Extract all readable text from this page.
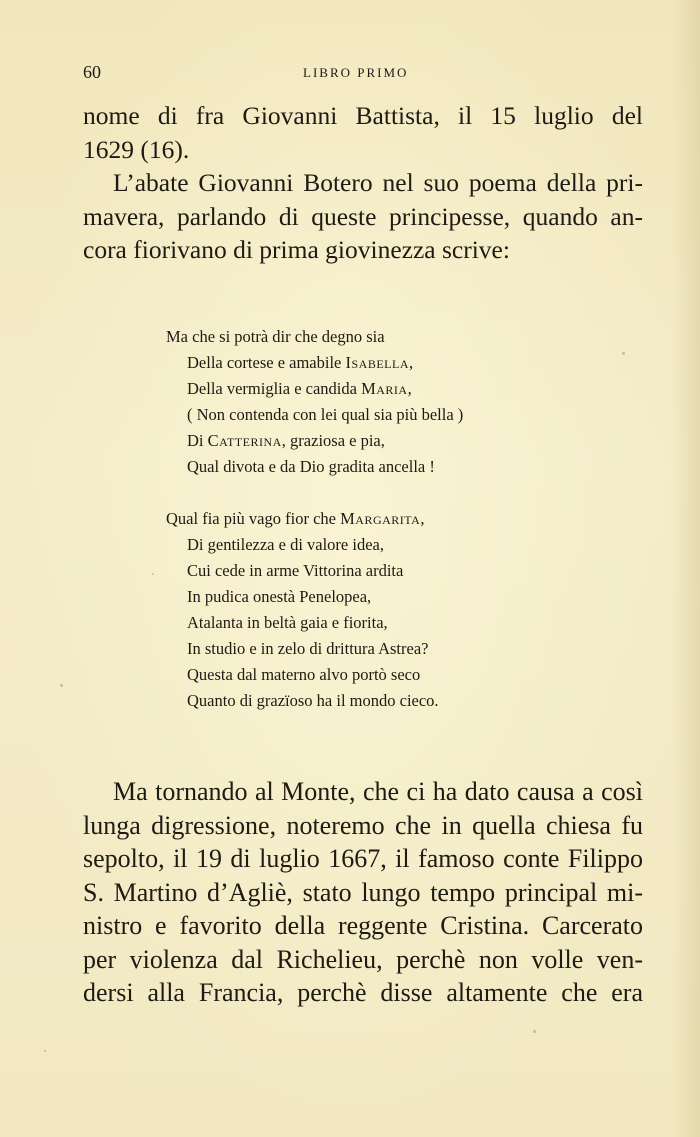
60	LIBRO PRIMO

nome di fra Giovanni Battista, il 15 luglio del
1629 (16).

L’abate Giovanni Botero nel suo poema della pri-
mavera, parlando di queste principesse, quando an-
cora fiorivano di prima giovinezza scrive:

Ma che si potrà dir che degno sia
Della cortese e amabile Isabella,
Della vermiglia e candida Maria,
( Non contenda con lei qual sia più bella )
Di Catterina, graziosa e pia,
Qual divota e da Dio gradita ancella !
Qual fia più vago fior che Margarita,
Di gentilezza e di valore idea,
Cui cede in arme Vittorina ardita
In pudica onestà Penelopea,
Atalanta in beltà gaia e fiorita,
In studio e in zelo di drittura Astrea?
Questa dal materno alvo portò seco
Quanto di grazïoso ha il mondo cieco.

Ma tornando al Monte, che ci ha dato causa a così
lunga digressione, noteremo che in quella chiesa fu
sepolto, il 19 di luglio 1667, il famoso conte Filippo
S. Martino d’Agliè, stato lungo tempo principal mi-
nistro e favorito della reggente Cristina. Carcerato
per violenza dal Richelieu, perchè non volle ven-
dersi alla Francia, perchè disse altamente che era
